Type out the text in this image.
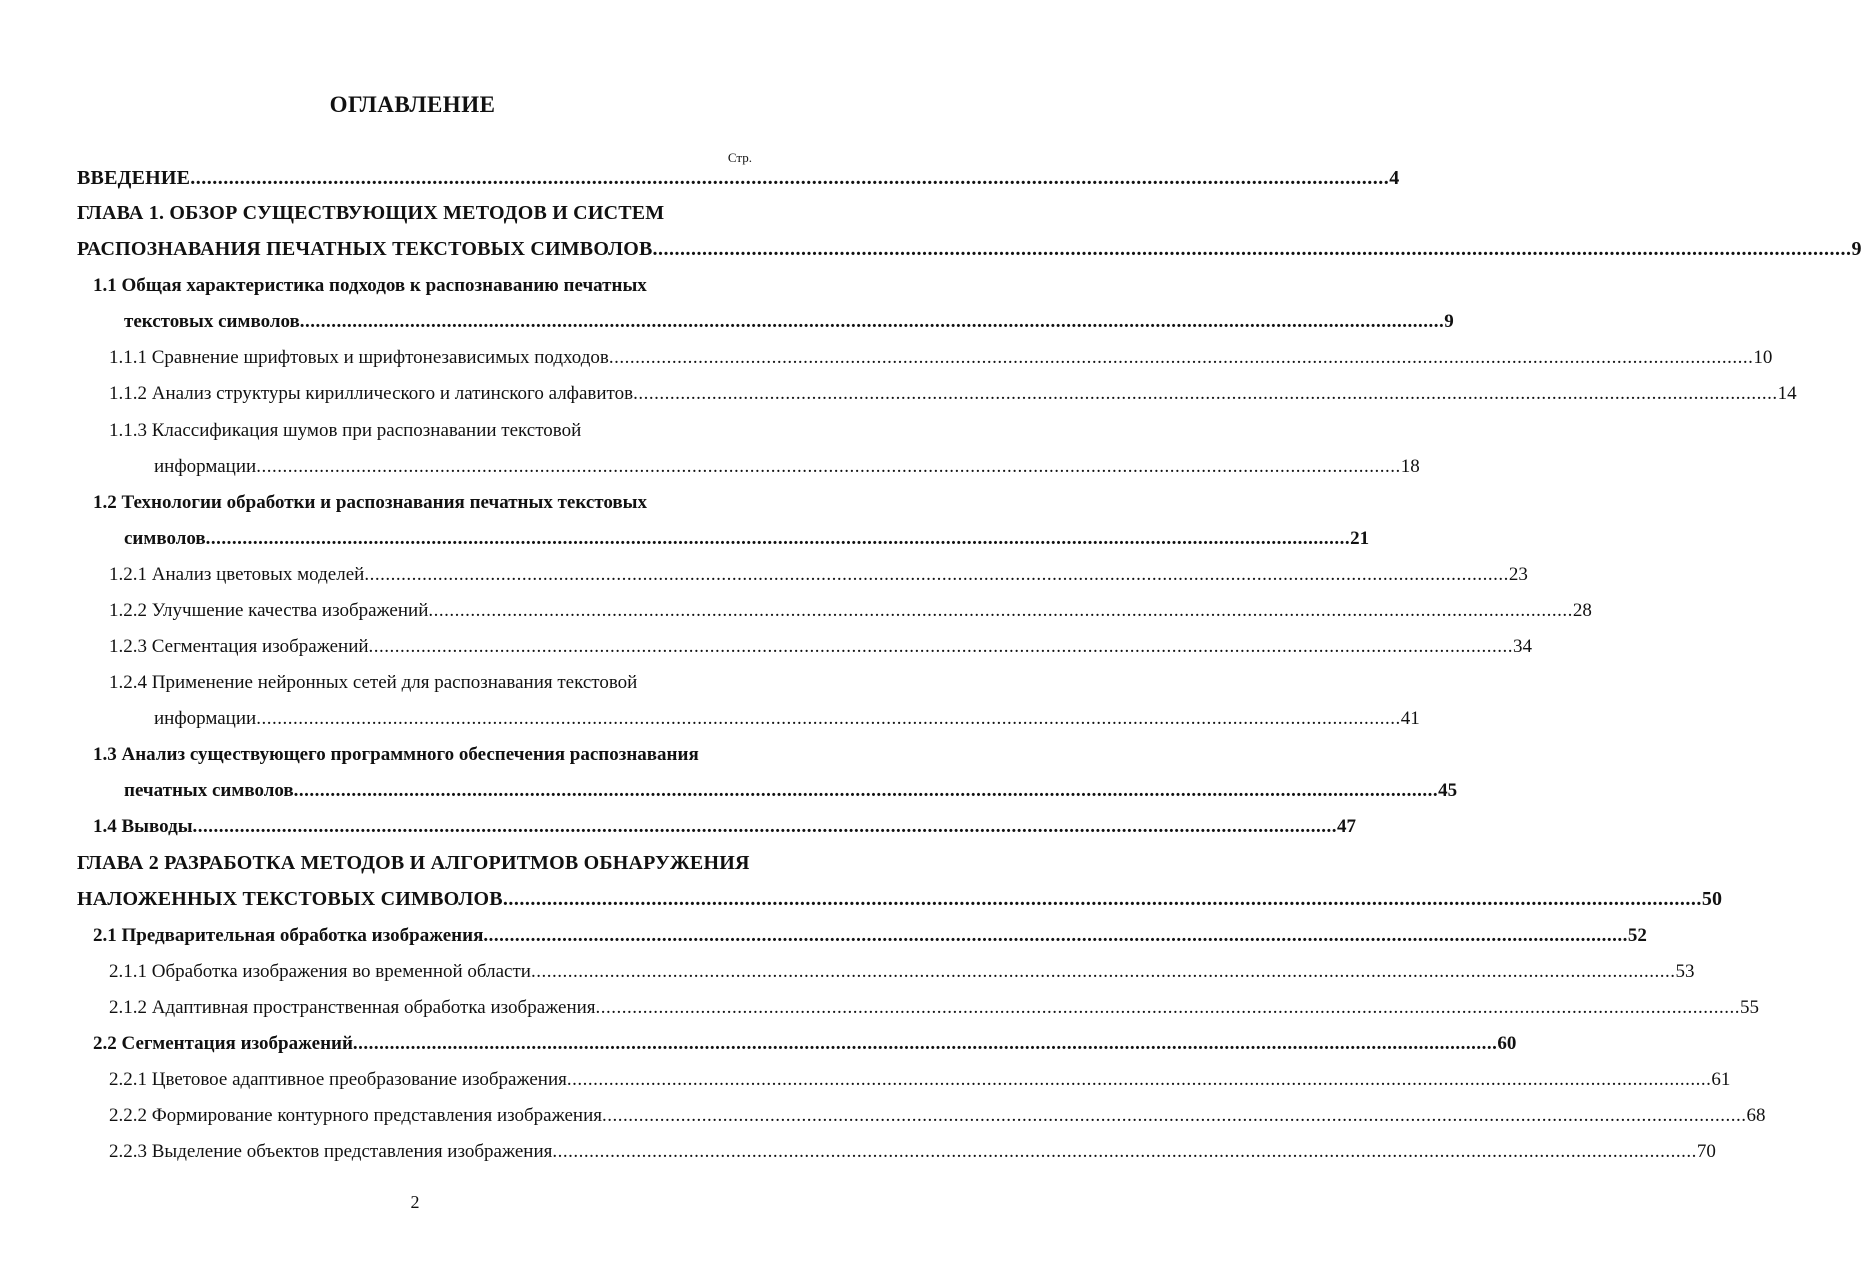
ОГЛАВЛЕНИЕ
Стр.
ВВЕДЕНИЕ .......................................................................................................................................................................................................................... 4
ГЛАВА 1. ОБЗОР СУЩЕСТВУЮЩИХ МЕТОДОВ И СИСТЕМ
РАСПОЗНАВАНИЯ ПЕЧАТНЫХ ТЕКСТОВЫХ СИМВОЛОВ .......................................................................................................................................................................................................................... 9
1.1 Общая характеристика подходов к распознаванию печатных
текстовых символов .......................................................................................................................................................................................................................... 9
1.1.1 Сравнение шрифтовых и шрифтонезависимых подходов .......................................................................................................................................................................................................................... 10
1.1.2 Анализ структуры кириллического и латинского алфавитов .......................................................................................................................................................................................................................... 14
1.1.3 Классификация шумов при распознавании текстовой
информации .......................................................................................................................................................................................................................... 18
1.2 Технологии обработки и распознавания печатных текстовых
символов .......................................................................................................................................................................................................................... 21
1.2.1 Анализ цветовых моделей .......................................................................................................................................................................................................................... 23
1.2.2 Улучшение качества изображений .......................................................................................................................................................................................................................... 28
1.2.3 Сегментация изображений .......................................................................................................................................................................................................................... 34
1.2.4 Применение нейронных сетей для распознавания текстовой
информации .......................................................................................................................................................................................................................... 41
1.3 Анализ существующего программного обеспечения распознавания
печатных символов .......................................................................................................................................................................................................................... 45
1.4 Выводы .......................................................................................................................................................................................................................... 47
ГЛАВА 2 РАЗРАБОТКА МЕТОДОВ И АЛГОРИТМОВ ОБНАРУЖЕНИЯ
НАЛОЖЕННЫХ ТЕКСТОВЫХ СИМВОЛОВ .......................................................................................................................................................................................................................... 50
2.1 Предварительная обработка изображения .......................................................................................................................................................................................................................... 52
2.1.1 Обработка изображения во временной области .......................................................................................................................................................................................................................... 53
2.1.2 Адаптивная пространственная обработка изображения .......................................................................................................................................................................................................................... 55
2.2 Сегментация изображений .......................................................................................................................................................................................................................... 60
2.2.1 Цветовое адаптивное преобразование изображения .......................................................................................................................................................................................................................... 61
2.2.2 Формирование контурного представления изображения .......................................................................................................................................................................................................................... 68
2.2.3 Выделение объектов представления изображения .......................................................................................................................................................................................................................... 70
2
